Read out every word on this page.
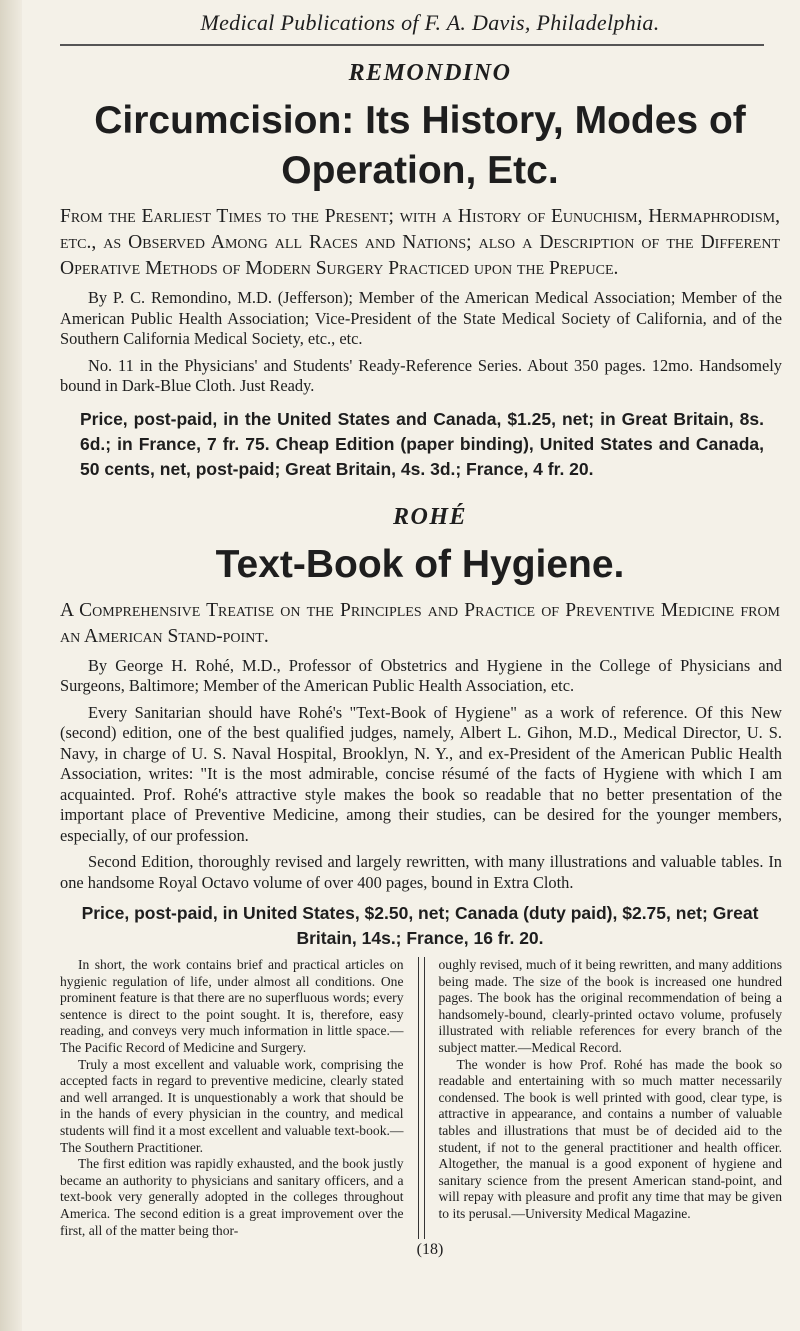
Medical Publications of F. A. Davis, Philadelphia.

REMONDINO

Circumcision: Its History, Modes of

Operation, Etc.

From the Earliest Times to the Present; with a History of Eunuchism, Hermaphrodism, etc., as Observed Among all Races and Nations; also a Description of the Different Operative Methods of Modern Surgery Practiced upon the Prepuce.

By P. C. Remondino, M.D. (Jefferson); Member of the American Medical Association; Member of the American Public Health Association; Vice-President of the State Medical Society of California, and of the Southern California Medical Society, etc., etc.

No. 11 in the Physicians' and Students' Ready-Reference Series. About 350 pages. 12mo. Handsomely bound in Dark-Blue Cloth. Just Ready.

Price, post-paid, in the United States and Canada, $1.25, net; in Great Britain, 8s. 6d.; in France, 7 fr. 75. Cheap Edition (paper binding), United States and Canada, 50 cents, net, post-paid; Great Britain, 4s. 3d.; France, 4 fr. 20.

ROHÉ

Text-Book of Hygiene.

A Comprehensive Treatise on the Principles and Practice of Preventive Medicine from an American Stand-point.

By George H. Rohé, M.D., Professor of Obstetrics and Hygiene in the College of Physicians and Surgeons, Baltimore; Member of the American Public Health Association, etc.

Every Sanitarian should have Rohé's "Text-Book of Hygiene" as a work of reference. Of this New (second) edition, one of the best qualified judges, namely, Albert L. Gihon, M.D., Medical Director, U. S. Navy, in charge of U. S. Naval Hospital, Brooklyn, N. Y., and ex-President of the American Public Health Association, writes: "It is the most admirable, concise résumé of the facts of Hygiene with which I am acquainted. Prof. Rohé's attractive style makes the book so readable that no better presentation of the important place of Preventive Medicine, among their studies, can be desired for the younger members, especially, of our profession.

Second Edition, thoroughly revised and largely rewritten, with many illustrations and valuable tables. In one handsome Royal Octavo volume of over 400 pages, bound in Extra Cloth.

Price, post-paid, in United States, $2.50, net; Canada (duty paid), $2.75, net; Great Britain, 14s.; France, 16 fr. 20.

In short, the work contains brief and practical articles on hygienic regulation of life, under almost all conditions. One prominent feature is that there are no superfluous words; every sentence is direct to the point sought. It is, therefore, easy reading, and conveys very much information in little space.—The Pacific Record of Medicine and Surgery.

Truly a most excellent and valuable work, comprising the accepted facts in regard to preventive medicine, clearly stated and well arranged. It is unquestionably a work that should be in the hands of every physician in the country, and medical students will find it a most excellent and valuable text-book.—The Southern Practitioner.

The first edition was rapidly exhausted, and the book justly became an authority to physicians and sanitary officers, and a text-book very generally adopted in the colleges throughout America. The second edition is a great improvement over the first, all of the matter being thor-

oughly revised, much of it being rewritten, and many additions being made. The size of the book is increased one hundred pages. The book has the original recommendation of being a handsomely-bound, clearly-printed octavo volume, profusely illustrated with reliable references for every branch of the subject matter.—Medical Record.

The wonder is how Prof. Rohé has made the book so readable and entertaining with so much matter necessarily condensed. The book is well printed with good, clear type, is attractive in appearance, and contains a number of valuable tables and illustrations that must be of decided aid to the student, if not to the general practitioner and health officer. Altogether, the manual is a good exponent of hygiene and sanitary science from the present American stand-point, and will repay with pleasure and profit any time that may be given to its perusal.—University Medical Magazine.

(18)
